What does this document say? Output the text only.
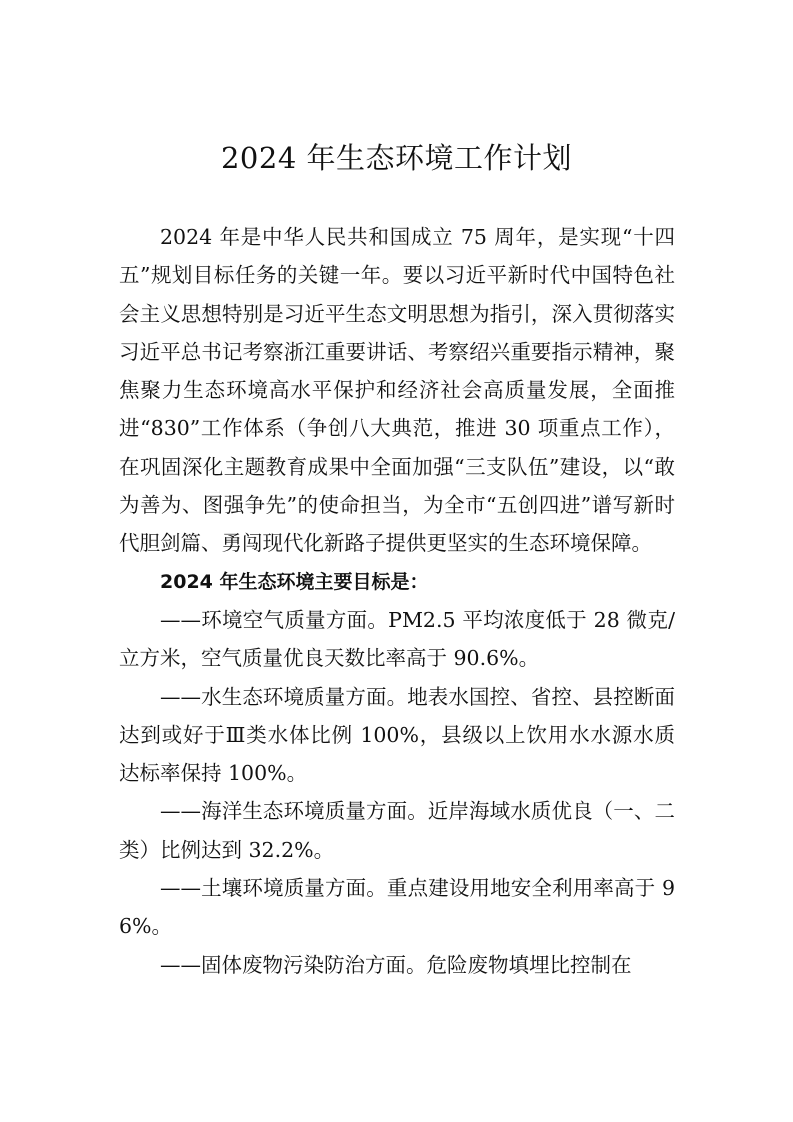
2024 年生态环境工作计划

2024 年是中华人民共和国成立 75 周年，是实现“十四五”规划目标任务的关键一年。要以习近平新时代中国特色社会主义思想特别是习近平生态文明思想为指引，深入贯彻落实习近平总书记考察浙江重要讲话、考察绍兴重要指示精神，聚焦聚力生态环境高水平保护和经济社会高质量发展，全面推进“830”工作体系（争创八大典范，推进 30 项重点工作），在巩固深化主题教育成果中全面加强“三支队伍”建设，以“敢为善为、图强争先”的使命担当，为全市“五创四进”谱写新时代胆剑篇、勇闯现代化新路子提供更坚实的生态环境保障。

2024 年生态环境主要目标是：

——环境空气质量方面。PM2.5 平均浓度低于 28 微克/立方米，空气质量优良天数比率高于 90.6%。

——水生态环境质量方面。地表水国控、省控、县控断面达到或好于Ⅲ类水体比例 100%，县级以上饮用水水源水质达标率保持 100%。

——海洋生态环境质量方面。近岸海域水质优良（一、二类）比例达到 32.2%。

——土壤环境质量方面。重点建设用地安全利用率高于 96%。

——固体废物污染防治方面。危险废物填埋比控制在
